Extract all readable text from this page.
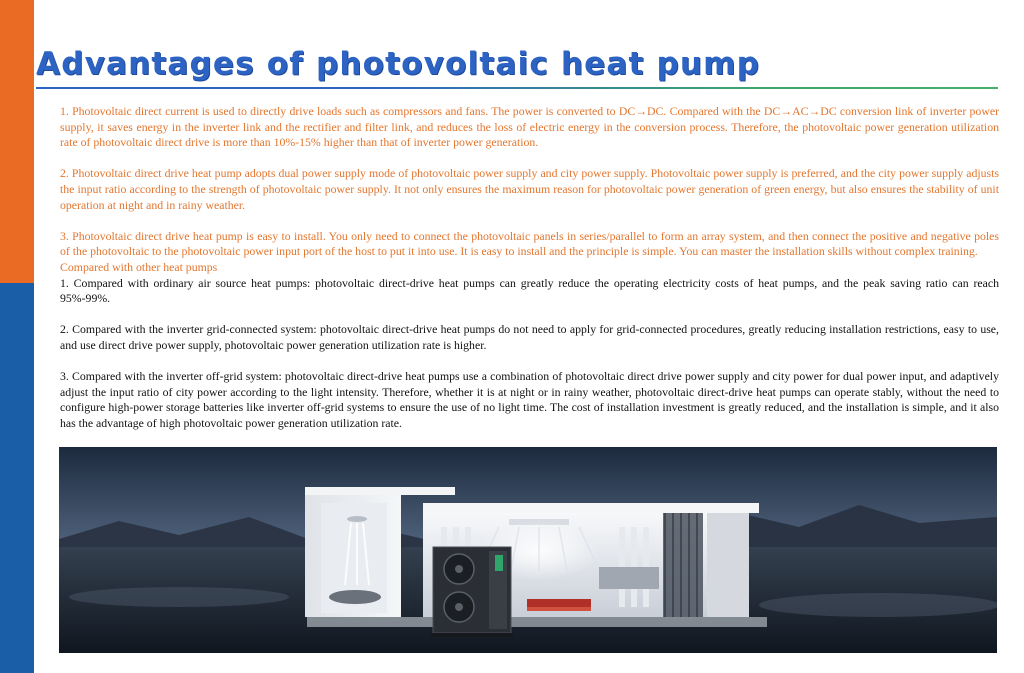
Advantages of photovoltaic heat pump

1. Photovoltaic direct current is used to directly drive loads such as compressors and fans. The power is converted to DC→DC. Compared with the DC→AC→DC conversion link of inverter power supply, it saves energy in the inverter link and the rectifier and filter link, and reduces the loss of electric energy in the conversion process. Therefore, the photovoltaic power generation utilization rate of photovoltaic direct drive is more than 10%-15% higher than that of inverter power generation.

2. Photovoltaic direct drive heat pump adopts dual power supply mode of photovoltaic power supply and city power supply. Photovoltaic power supply is preferred, and the city power supply adjusts the input ratio according to the strength of photovoltaic power supply. It not only ensures the maximum reason for photovoltaic power generation of green energy, but also ensures the stability of unit operation at night and in rainy weather.

3. Photovoltaic direct drive heat pump is easy to install. You only need to connect the photovoltaic panels in series/parallel to form an array system, and then connect the positive and negative poles of the photovoltaic to the photovoltaic power input port of the host to put it into use. It is easy to install and the principle is simple. You can master the installation skills without complex training.

Compared with other heat pumps

1. Compared with ordinary air source heat pumps: photovoltaic direct-drive heat pumps can greatly reduce the operating electricity costs of heat pumps, and the peak saving ratio can reach 95%-99%.

2. Compared with the inverter grid-connected system: photovoltaic direct-drive heat pumps do not need to apply for grid-connected procedures, greatly reducing installation restrictions, easy to use, and use direct drive power supply, photovoltaic power generation utilization rate is higher.

3. Compared with the inverter off-grid system: photovoltaic direct-drive heat pumps use a combination of photovoltaic direct drive power supply and city power for dual power input, and adaptively adjust the input ratio of city power according to the light intensity. Therefore, whether it is at night or in rainy weather, photovoltaic direct-drive heat pumps can operate stably, without the need to configure high-power storage batteries like inverter off-grid systems to ensure the use of no light time. The cost of installation investment is greatly reduced, and the installation is simple, and it also has the advantage of high photovoltaic power generation utilization rate.
